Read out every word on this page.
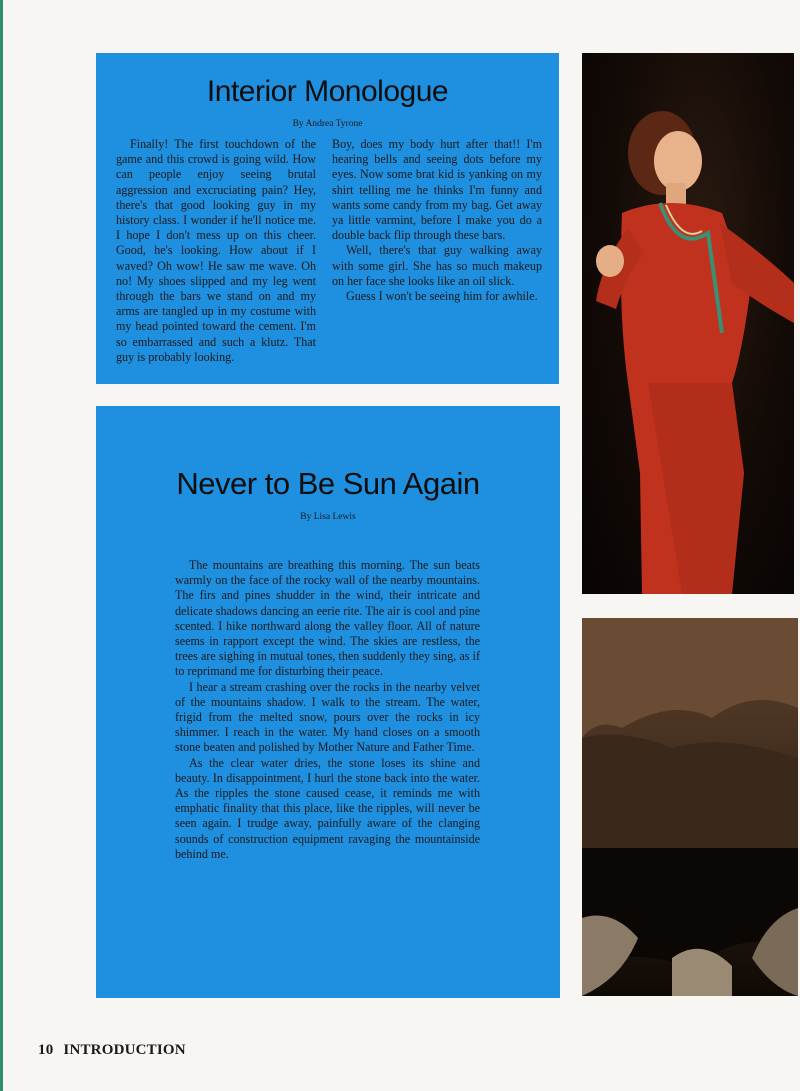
Interior Monologue
By Andrea Tyrone

Finally! The first touchdown of the game and this crowd is going wild. How can people enjoy seeing brutal aggression and excruciating pain? Hey, there's that good looking guy in my history class. I wonder if he'll notice me. I hope I don't mess up on this cheer. Good, he's looking. How about if I waved? Oh wow! He saw me wave. Oh no! My shoes slipped and my leg went through the bars we stand on and my arms are tangled up in my costume with my head pointed toward the cement. I'm so embarrassed and such a klutz. That guy is probably looking.

Boy, does my body hurt after that!! I'm hearing bells and seeing dots before my eyes. Now some brat kid is yanking on my shirt telling me he thinks I'm funny and wants some candy from my bag. Get away ya little varmint, before I make you do a double back flip through these bars.

Well, there's that guy walking away with some girl. She has so much makeup on her face she looks like an oil slick.

Guess I won't be seeing him for awhile.

Never to Be Sun Again
By Lisa Lewis

The mountains are breathing this morning. The sun beats warmly on the face of the rocky wall of the nearby mountains. The firs and pines shudder in the wind, their intricate and delicate shadows dancing an eerie rite. The air is cool and pine scented. I hike northward along the valley floor. All of nature seems in rapport except the wind. The skies are restless, the trees are sighing in mutual tones, then suddenly they sing, as if to reprimand me for disturbing their peace.

I hear a stream crashing over the rocks in the nearby velvet of the mountains shadow. I walk to the stream. The water, frigid from the melted snow, pours over the rocks in icy shimmer. I reach in the water. My hand closes on a smooth stone beaten and polished by Mother Nature and Father Time.

As the clear water dries, the stone loses its shine and beauty. In disappointment, I hurl the stone back into the water. As the ripples the stone caused cease, it reminds me with emphatic finality that this place, like the ripples, will never be seen again. I trudge away, painfully aware of the clanging sounds of construction equipment ravaging the mountainside behind me.

10 INTRODUCTION
